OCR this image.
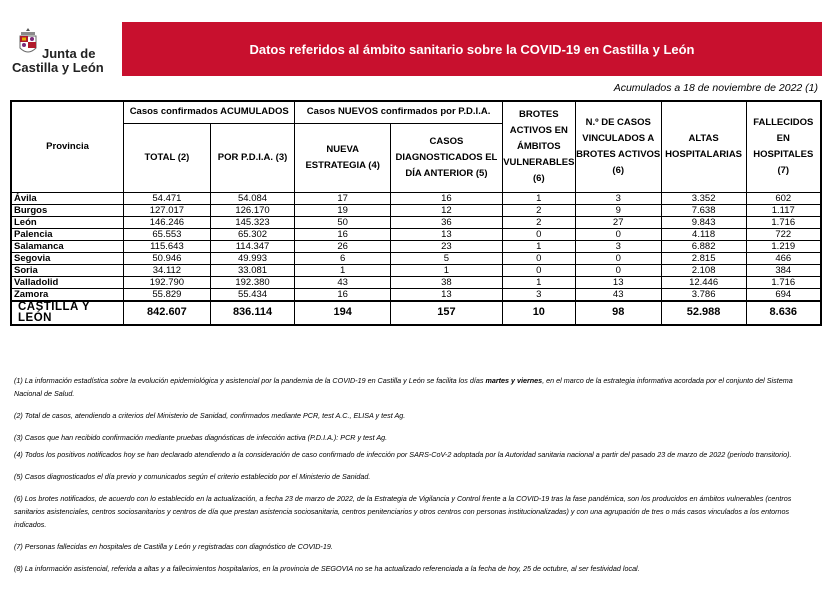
Junta de
Castilla y León
Datos referidos al ámbito sanitario sobre la COVID-19 en Castilla y León
Acumulados a 18 de noviembre de 2022 (1)
Provincia	Casos confirmados ACUMULADOS		Casos NUEVOS confirmados por P.D.I.A.		BROTES ACTIVOS EN ÁMBITOS VULNERABLES (6)	N.º DE CASOS VINCULADOS A BROTES ACTIVOS (6)	ALTAS HOSPITALARIAS	FALLECIDOS EN HOSPITALES (7)
	TOTAL (2)	POR P.D.I.A. (3)	NUEVA ESTRATEGIA (4)	CASOS DIAGNOSTICADOS EL DÍA ANTERIOR (5)				
Ávila	54.471	54.084	17	16	1	3	3.352	602
Burgos	127.017	126.170	19	12	2	9	7.638	1.117
León	146.246	145.323	50	36	2	27	9.843	1.716
Palencia	65.553	65.302	16	13	0	0	4.118	722
Salamanca	115.643	114.347	26	23	1	3	6.882	1.219
Segovia	50.946	49.993	6	5	0	0	2.815	466
Soria	34.112	33.081	1	1	0	0	2.108	384
Valladolid	192.790	192.380	43	38	1	13	12.446	1.716
Zamora	55.829	55.434	16	13	3	43	3.786	694
CASTILLA Y LEÓN	842.607	836.114	194	157	10	98	52.988	8.636

(1) La información estadística sobre la evolución epidemiológica y asistencial por la pandemia de la COVID-19 en Castilla y León se facilita los días martes y viernes, en el marco de la estrategia informativa acordada por el conjunto del Sistema Nacional de Salud.

(2) Total de casos, atendiendo a criterios del Ministerio de Sanidad, confirmados mediante PCR, test A.C., ELISA y test Ag.

(3) Casos que han recibido confirmación mediante pruebas diagnósticas de infección activa (P.D.I.A.): PCR y test Ag.

(4) Todos los positivos notificados hoy se han declarado atendiendo a la consideración de caso confirmado de infección por SARS-CoV-2 adoptada por la Autoridad sanitaria nacional a partir del pasado 23 de marzo de 2022 (periodo transitorio).

(5) Casos diagnosticados el día previo y comunicados según el criterio establecido por el Ministerio de Sanidad.

(6) Los brotes notificados, de acuerdo con lo establecido en la actualización, a fecha 23 de marzo de 2022, de la Estrategia de Vigilancia y Control frente a la COVID-19 tras la fase pandémica, son los producidos en ámbitos vulnerables (centros sanitarios asistenciales, centros sociosanitarios y centros de día que prestan asistencia sociosanitaria, centros penitenciarios y otros centros con personas institucionalizadas) y con una agrupación de tres o más casos vinculados a los entornos indicados.

(7) Personas fallecidas en hospitales de Castilla y León y registradas con diagnóstico de COVID-19.

(8) La información asistencial, referida a altas y a fallecimientos hospitalarios, en la provincia de SEGOVIA no se ha actualizado referenciada a la fecha de hoy, 25 de octubre, al ser festividad local.
